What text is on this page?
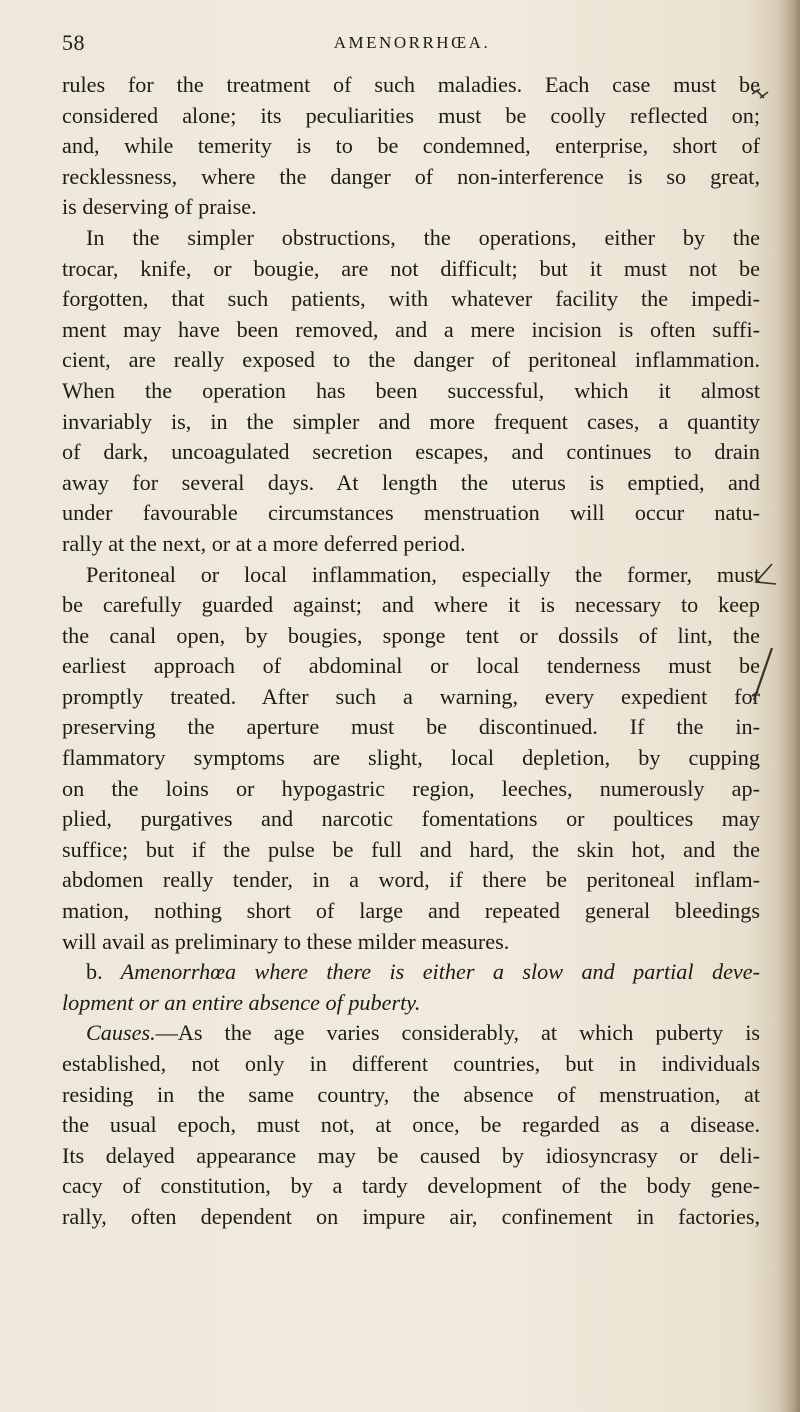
58	AMENORRHŒA.
rules for the treatment of such maladies. Each case must be
considered alone; its peculiarities must be coolly reflected on;
and, while temerity is to be condemned, enterprise, short of
recklessness, where the danger of non-interference is so great,
is deserving of praise.
In the simpler obstructions, the operations, either by the
trocar, knife, or bougie, are not difficult; but it must not be
forgotten, that such patients, with whatever facility the impedi-
ment may have been removed, and a mere incision is often suffi-
cient, are really exposed to the danger of peritoneal inflammation.
When the operation has been successful, which it almost
invariably is, in the simpler and more frequent cases, a quantity
of dark, uncoagulated secretion escapes, and continues to drain
away for several days. At length the uterus is emptied, and
under favourable circumstances menstruation will occur natu-
rally at the next, or at a more deferred period.
Peritoneal or local inflammation, especially the former, must
be carefully guarded against; and where it is necessary to keep
the canal open, by bougies, sponge tent or dossils of lint, the
earliest approach of abdominal or local tenderness must be
promptly treated. After such a warning, every expedient for
preserving the aperture must be discontinued. If the in-
flammatory symptoms are slight, local depletion, by cupping
on the loins or hypogastric region, leeches, numerously ap-
plied, purgatives and narcotic fomentations or poultices may
suffice; but if the pulse be full and hard, the skin hot, and the
abdomen really tender, in a word, if there be peritoneal inflam-
mation, nothing short of large and repeated general bleedings
will avail as preliminary to these milder measures.
b. Amenorrhœa where there is either a slow and partial deve-
lopment or an entire absence of puberty.
Causes.—As the age varies considerably, at which puberty is
established, not only in different countries, but in individuals
residing in the same country, the absence of menstruation, at
the usual epoch, must not, at once, be regarded as a disease.
Its delayed appearance may be caused by idiosyncrasy or deli-
cacy of constitution, by a tardy development of the body gene-
rally, often dependent on impure air, confinement in factories,
